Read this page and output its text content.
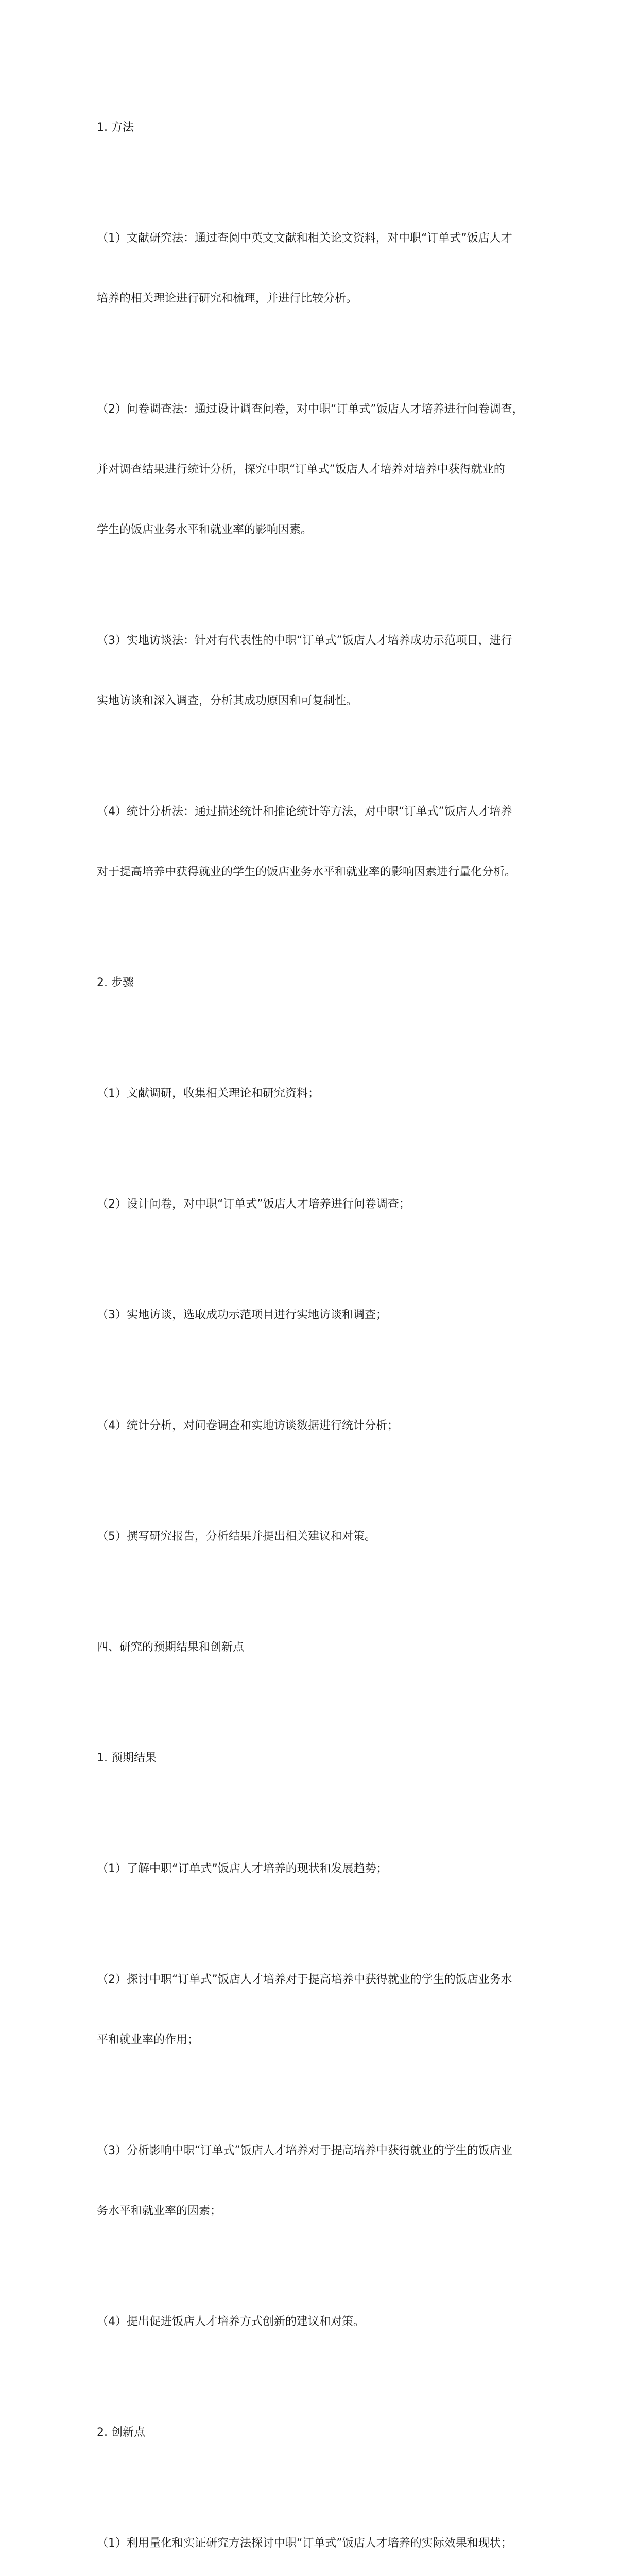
1. 方法

（1）文献研究法：通过查阅中英文文献和相关论文资料，对中职“订单式”饭店人才

培养的相关理论进行研究和梳理，并进行比较分析。

（2）问卷调查法：通过设计调查问卷，对中职“订单式”饭店人才培养进行问卷调查，

并对调查结果进行统计分析，探究中职“订单式”饭店人才培养对培养中获得就业的

学生的饭店业务水平和就业率的影响因素。

（3）实地访谈法：针对有代表性的中职“订单式”饭店人才培养成功示范项目，进行

实地访谈和深入调查，分析其成功原因和可复制性。

（4）统计分析法：通过描述统计和推论统计等方法，对中职“订单式”饭店人才培养

对于提高培养中获得就业的学生的饭店业务水平和就业率的影响因素进行量化分析。

2. 步骤

（1）文献调研，收集相关理论和研究资料；

（2）设计问卷，对中职“订单式”饭店人才培养进行问卷调查；

（3）实地访谈，选取成功示范项目进行实地访谈和调查；

（4）统计分析，对问卷调查和实地访谈数据进行统计分析；

（5）撰写研究报告，分析结果并提出相关建议和对策。

四、研究的预期结果和创新点

1. 预期结果

（1）了解中职“订单式”饭店人才培养的现状和发展趋势；

（2）探讨中职“订单式”饭店人才培养对于提高培养中获得就业的学生的饭店业务水

平和就业率的作用；

（3）分析影响中职“订单式”饭店人才培养对于提高培养中获得就业的学生的饭店业

务水平和就业率的因素；

（4）提出促进饭店人才培养方式创新的建议和对策。

2. 创新点

（1）利用量化和实证研究方法探讨中职“订单式”饭店人才培养的实际效果和现状；
